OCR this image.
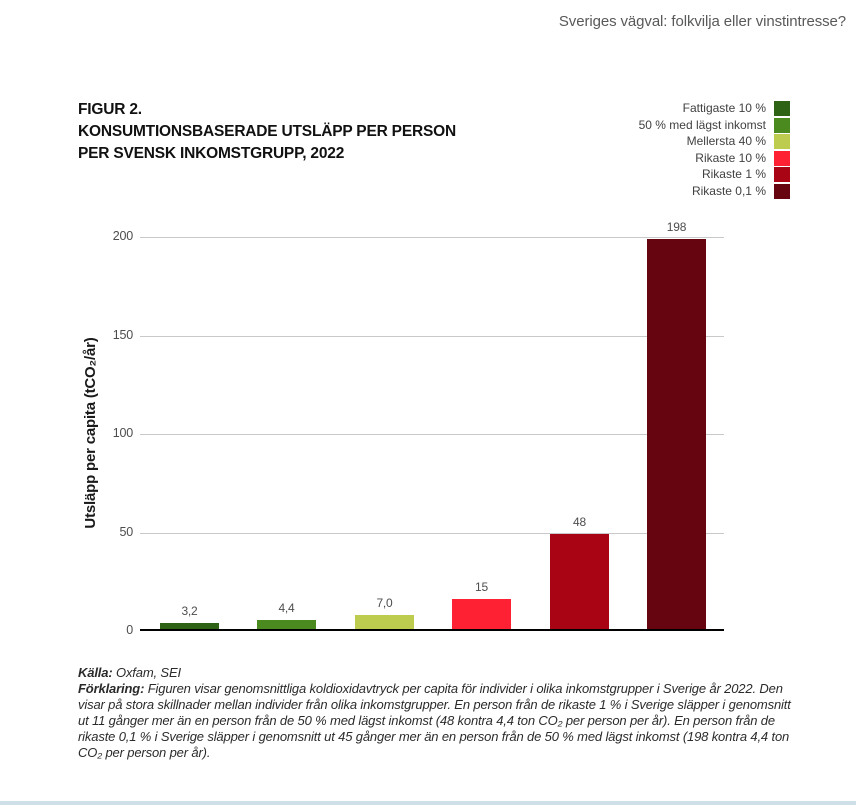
Sveriges vägval: folkvilja eller vinstintresse?
FIGUR 2.
KONSUMTIONSBASERADE UTSLÄPP PER PERSON
PER SVENSK INKOMSTGRUPP, 2022
Fattigaste 10 %
50 % med lägst inkomst
Mellersta 40 %
Rikaste 10 %
Rikaste 1 %
Rikaste 0,1 %
Utsläpp per capita (tCO₂/år)
3,2	4,4	7,0
15
48
198

Källa: Oxfam, SEI

Förklaring: Figuren visar genomsnittliga koldioxidavtryck per capita för individer i olika inkomstgrupper i Sverige år 2022. Den visar på stora skillnader mellan individer från olika inkomstgrupper. En person från de rikaste 1 % i Sverige släpper i genomsnitt ut 11 gånger mer än en person från de 50 % med lägst inkomst (48 kontra 4,4 ton CO₂ per person per år). En person från de rikaste 0,1 % i Sverige släpper i genomsnitt ut 45 gånger mer än en person från de 50 % med lägst inkomst (198 kontra 4,4 ton CO₂ per person per år).

0
50
100
150
200
